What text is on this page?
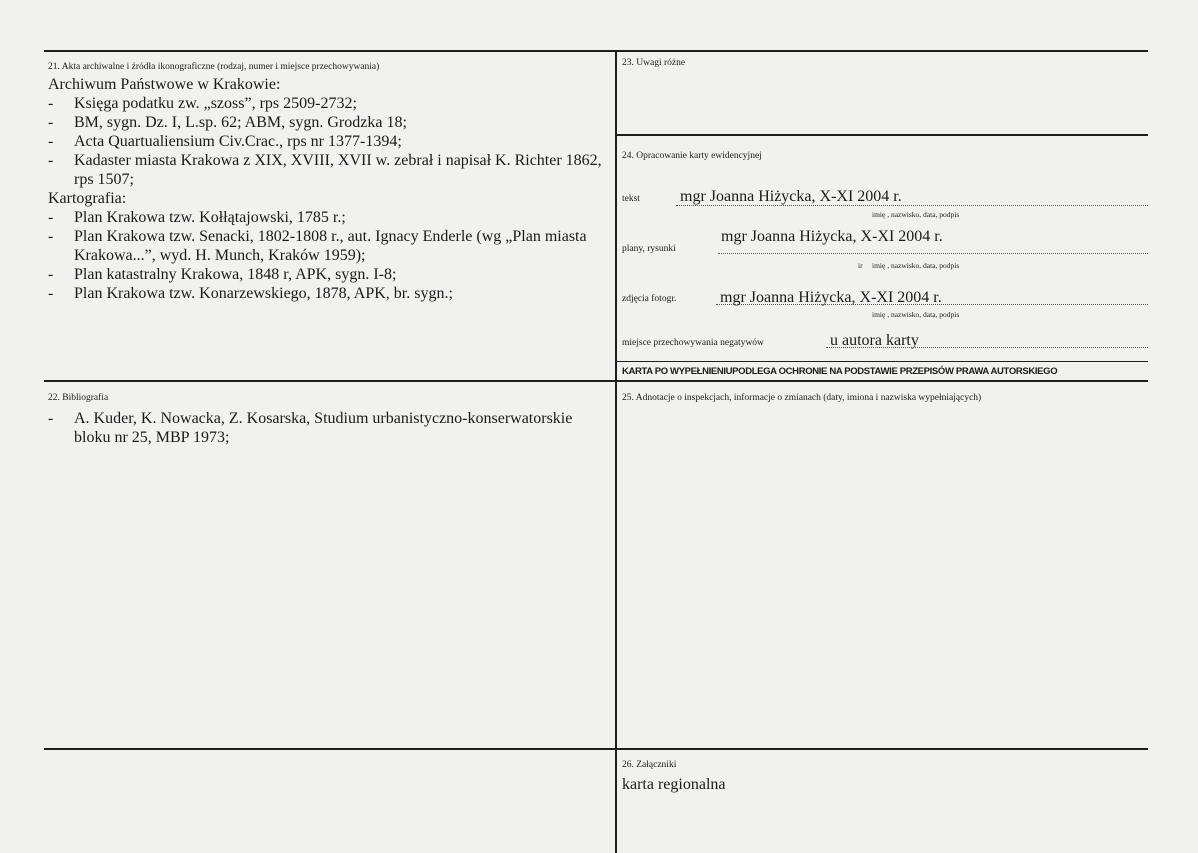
21. Akta archiwalne i źródła ikonograficzne (rodzaj, numer i miejsce przechowywania)
Archiwum Państwowe w Krakowie:
- Księga podatku zw. „szoss”, rps 2509-2732;
- BM, sygn. Dz. I, L.sp. 62; ABM, sygn. Grodzka 18;
- Acta Quartualiensium Civ.Crac., rps nr 1377-1394;
- Kadaster miasta Krakowa z XIX, XVIII, XVII w. zebrał i napisał K. Richter 1862, rps 1507;
Kartografia:
- Plan Krakowa tzw. Kołłątajowski, 1785 r.;
- Plan Krakowa tzw. Senacki, 1802-1808 r., aut. Ignacy Enderle (wg „Plan miasta Krakowa...”, wyd. H. Munch, Kraków 1959);
- Plan katastralny Krakowa, 1848 r, APK, sygn. I-8;
- Plan Krakowa tzw. Konarzewskiego, 1878, APK, br. sygn.;
22. Bibliografia
- A. Kuder, K. Nowacka, Z. Kosarska, Studium urbanistyczno-konserwatorskie bloku nr 25, MBP 1973;
23. Uwagi różne
24. Opracowanie karty ewidencyjnej
tekst	mgr Joanna Hiżycka, X-XI 2004 r.
imię , nazwisko, data, podpis
plany, rysunki
mgr Joanna Hiżycka, X-XI 2004 r.
ir imię , nazwisko, data, podpis
zdjęcia fotogr.	mgr Joanna Hiżycka, X-XI 2004 r.
imię , nazwisko, data, podpis
miejsce przechowywania negatywów	u autora karty
KARTA PO WYPEŁNIENIUPODLEGA OCHRONIE NA PODSTAWIE PRZEPISÓW PRAWA AUTORSKIEGO
25. Adnotacje o inspekcjach, informacje o zmianach (daty, imiona i nazwiska wypełniających)
26. Załączniki
karta regionalna
